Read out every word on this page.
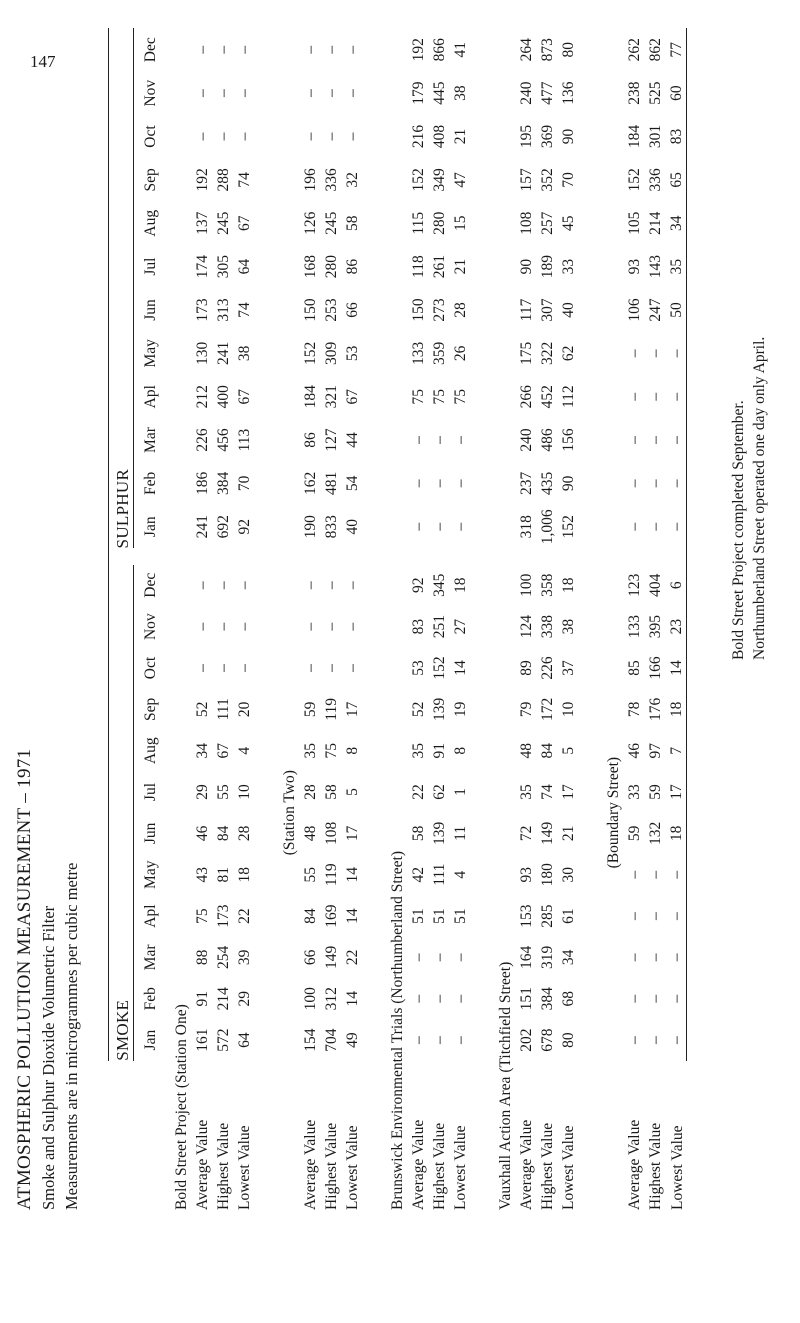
ATMOSPHERIC POLLUTION MEASUREMENT – 1971 Smoke and Sulphur Dioxide Volumetric Filter Measurements are in microgrammes per cubic metre
	SMOKE													SULPHUR											
	Jan	Feb	Mar	Apl	May	Jun	Jul	Aug	Sep	Oct	Nov	Dec		Jan	Feb	Mar	Apl	May	Jun	Jul	Aug	Sep	Oct	Nov	Dec
Bold Street Project (Station One)																									
Average Value	161	91	88	75	43	46	29	34	52	–	–	–		241	186	226	212	130	173	174	137	192	–	–	–
Highest Value	572	214	254	173	81	84	55	67	111	–	–	–		692	384	456	400	241	313	305	245	288	–	–	–
Lowest Value	64	29	39	22	18	28	10	4	20	–	–	–		92	70	113	67	38	74	64	67	74	–	–	–

	(Station Two)																								
Average Value	154	100	66	84	55	48	28	35	59	–	–	–		190	162	86	184	152	150	168	126	196	–	–	–
Highest Value	704	312	149	169	119	108	58	75	119	–	–	–		833	481	127	321	309	253	280	245	336	–	–	–
Lowest Value	49	14	22	14	14	17	5	8	17	–	–	–		40	54	44	67	53	66	86	58	32	–	–	–

Brunswick Environmental Trials (Northumberland Street)																									
Average Value	–	–	–	51	42	58	22	35	52	53	83	92		–	–	–	75	133	150	118	115	152	216	179	192
Highest Value	–	–	–	51	111	139	62	91	139	152	251	345		–	–	–	75	359	273	261	280	349	408	445	866
Lowest Value	–	–	–	51	4	11	1	8	19	14	27	18		–	–	–	75	26	28	21	15	47	21	38	41

Vauxhall Action Area (Titchfield Street)																									
Average Value	202	151	164	153	93	72	35	48	79	89	124	100		318	237	240	266	175	117	90	108	157	195	240	264
Highest Value	678	384	319	285	180	149	74	84	172	226	338	358		1,006	435	486	452	322	307	189	257	352	369	477	873
Lowest Value	80	68	34	61	30	21	17	5	10	37	38	18		152	90	156	112	62	40	33	45	70	90	136	80

	(Boundary Street)																								
Average Value	–	–	–	–	–	59	33	46	78	85	133	123		–	–	–	–	–	106	93	105	152	184	238	262
Highest Value	–	–	–	–	–	132	59	97	176	166	395	404		–	–	–	–	–	247	143	214	336	301	525	862
Lowest Value	–	–	–	–	–	18	17	7	18	14	23	6		–	–	–	–	–	50	35	34	65	83	60	77
Bold Street Project completed September. Northumberland Street operated one day only April.
147
